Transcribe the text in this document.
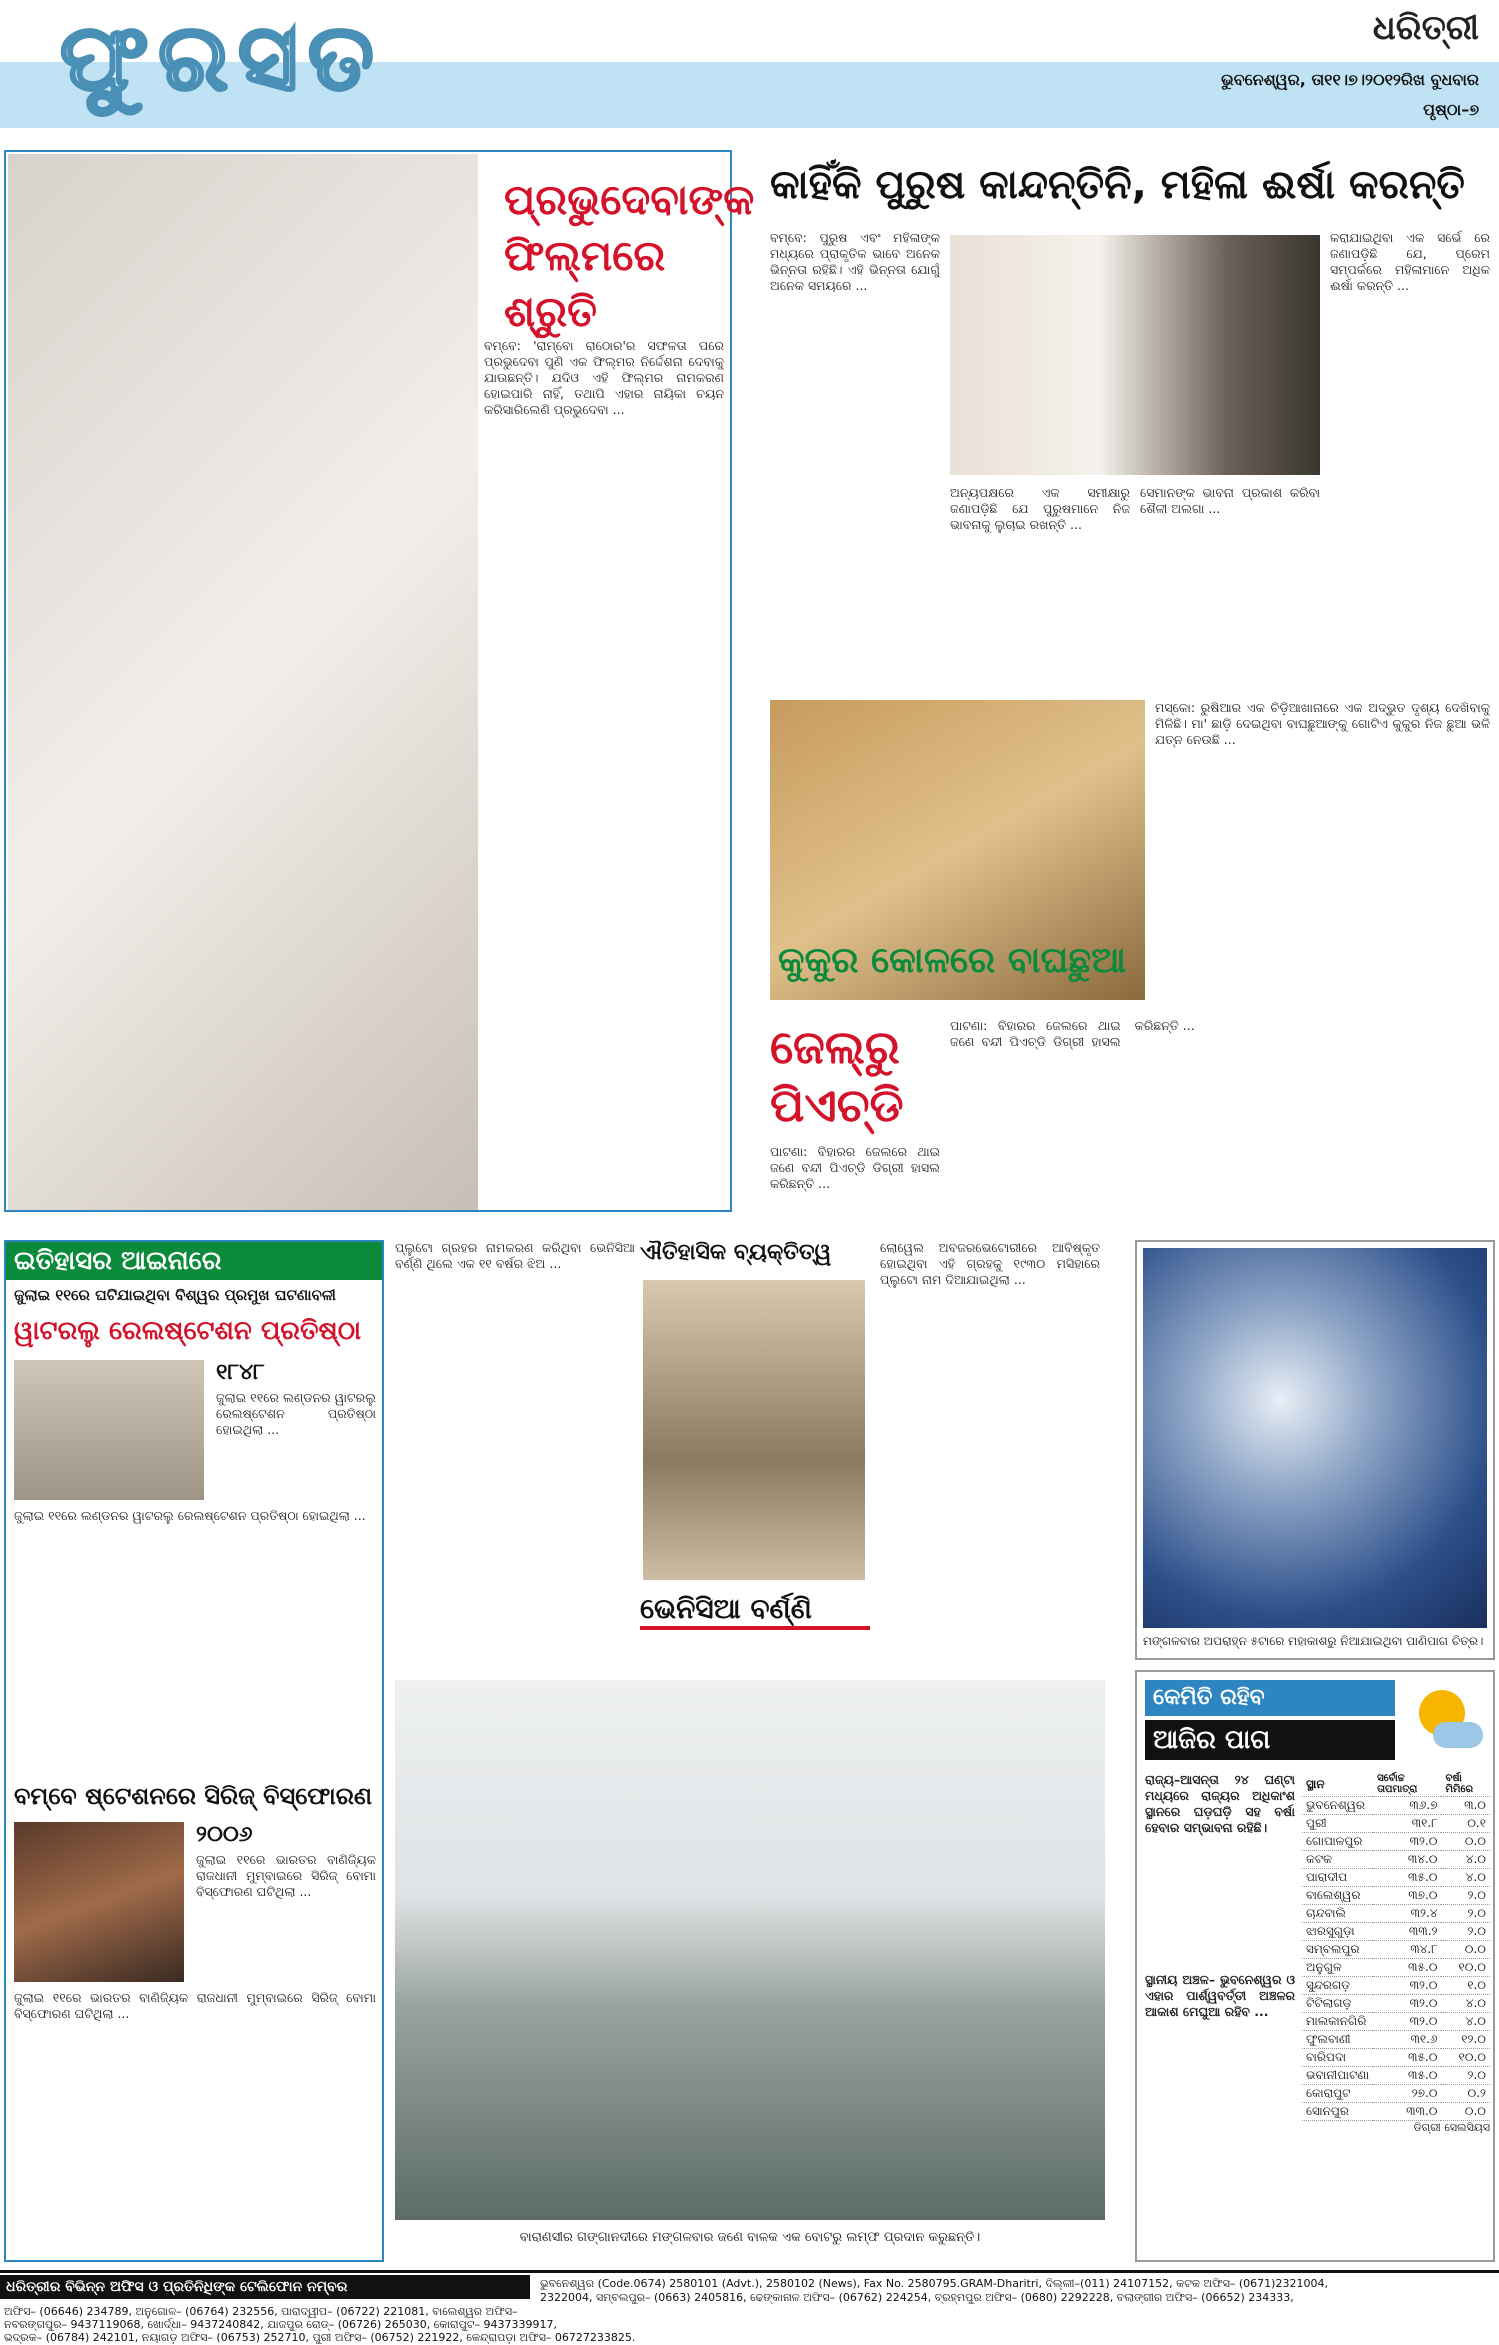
ଫୁରସତ	ଧରିତ୍ରୀ
ଭୁବନେଶ୍ୱର, ତା୧୧।୭।୨୦୧୨ରିଖ ବୁଧବାର
ପୃଷ୍ଠା–୭
ପ୍ରଭୁଦେବାଙ୍କ
ଫିଲ୍ମରେ ଶ୍ରୁତି
ବମ୍ବେ: 'ରାମ୍ବୋ ରାଠୋର'ର ସଫଳତା ପରେ ପ୍ରଭୁଦେବା ପୁଣି ଏକ ଫିଲ୍ମର ନିର୍ଦ୍ଦେଶନା ଦେବାକୁ ଯାଉଛନ୍ତି। ଯଦିଓ ଏହି ଫିଲ୍ମର ନାମକରଣ ହୋଇପାରି ନାହିଁ, ତଥାପି ଏହାର ନାୟିକା ଚୟନ କରିସାରିଲେଣି ପ୍ରଭୁଦେବା ...
କାହିଁକି ପୁରୁଷ କାନ୍ଦନ୍ତିନି, ମହିଳା ଈର୍ଷା କରନ୍ତି
ବମ୍ବେ: ପୁରୁଷ ଏବଂ ମହିଳାଙ୍କ ମଧ୍ୟରେ ପ୍ରାକୃତିକ ଭାବେ ଅନେକ ଭିନ୍ନତା ରହିଛି। ଏହି ଭିନ୍ନତା ଯୋଗୁଁ ଅନେକ ସମୟରେ ...
ଅନ୍ୟପକ୍ଷରେ ଏକ ସମୀକ୍ଷାରୁ ଜଣାପଡ଼ିଛି ଯେ ପୁରୁଷମାନେ ନିଜ ଭାବନାକୁ ଲୁଚାଇ ରଖନ୍ତି ...
ସେମାନଙ୍କ ଭାବନା ପ୍ରକାଶ କରିବା ଶୈଳୀ ଅଲଗା ...
କରାଯାଇଥିବା ଏକ ସର୍ଭେ ରେ ଜଣାପଡ଼ିଛି ଯେ, ପ୍ରେମ ସମ୍ପର୍କରେ ମହିଳାମାନେ ଅଧିକ ଈର୍ଷା କରନ୍ତି ...
କୁକୁର କୋଳରେ ବାଘଛୁଆ
ମସ୍କୋ: ରୁଷିଆର ଏକ ଚିଡ଼ିଆଖାନାରେ ଏକ ଅଦ୍ଭୁତ ଦୃଶ୍ୟ ଦେଖିବାକୁ ମିଳିଛି। ମା' ଛାଡ଼ି ଦେଇଥିବା ବାଘଛୁଆଙ୍କୁ ଗୋଟିଏ କୁକୁର ନିଜ ଛୁଆ ଭଳି ଯତ୍ନ ନେଉଛି ...
ଜେଲ୍‌ରୁ
ପିଏଚ୍‌ଡି
ପାଟଣା: ବିହାରର ଜେଲରେ ଥାଇ ଜଣେ ବନ୍ଦୀ ପିଏଚ୍‌ଡି ଡିଗ୍ରୀ ହାସଲ କରିଛନ୍ତି ...
ପାଟଣା: ବିହାରର ଜେଲରେ ଥାଇ ଜଣେ ବନ୍ଦୀ ପିଏଚ୍‌ଡି ଡିଗ୍ରୀ ହାସଲ କରିଛନ୍ତି ...
ଇତିହାସର ଆଇନାରେ
ଜୁଲାଇ ୧୧ରେ ଘଟିଯାଇଥିବା ବିଶ୍ୱର ପ୍ରମୁଖ ଘଟଣାବଳୀ
ୱାଟରଲୁ ରେଲଷ୍ଟେଶନ ପ୍ରତିଷ୍ଠା
୧୮୪୮
ଜୁଲାଇ ୧୧ରେ ଲଣ୍ଡନର ୱାଟରଲୁ ରେଲଷ୍ଟେଶନ ପ୍ରତିଷ୍ଠା ହୋଇଥିଲା ...
ଜୁଲାଇ ୧୧ରେ ଲଣ୍ଡନର ୱାଟରଲୁ ରେଲଷ୍ଟେଶନ ପ୍ରତିଷ୍ଠା ହୋଇଥିଲା ...
ବମ୍ବେ ଷ୍ଟେଶନରେ ସିରିଜ୍ ବିସ୍ଫୋରଣ
୨୦୦୬
ଜୁଲାଇ ୧୧ରେ ଭାରତର ବାଣିଜ୍ୟିକ ରାଜଧାନୀ ମୁମ୍ବାଇରେ ସିରିଜ୍ ବୋମା ବିସ୍ଫୋରଣ ଘଟିଥିଲା ...
ଜୁଲାଇ ୧୧ରେ ଭାରତର ବାଣିଜ୍ୟିକ ରାଜଧାନୀ ମୁମ୍ବାଇରେ ସିରିଜ୍ ବୋମା ବିସ୍ଫୋରଣ ଘଟିଥିଲା ...
ପ୍ଲୁଟୋ ଗ୍ରହର ନାମକରଣ କରିଥିବା ଭେନିସିଆ ବର୍ଣ୍ଣି ଥିଲେ ଏକ ୧୧ ବର୍ଷର ଝିଅ ...	ଐତିହାସିକ ବ୍ୟକ୍ତିତ୍ୱ
ଭେନିସିଆ ବର୍ଣ୍ଣି
ଲୋୱେଲ ଅବଜରଭେଟୋରୀରେ ଆବିଷ୍କୃତ ହୋଇଥିବା ଏହି ଗ୍ରହକୁ ୧୯୩୦ ମସିହାରେ ପ୍ଲୁଟୋ ନାମ ଦିଆଯାଇଥିଲା ...
ମଙ୍ଗଳବାର ଅପରାହ୍ନ ୫ଟାରେ ମହାକାଶରୁ ନିଆଯାଇଥିବା ପାଣିପାଗ ଚିତ୍ର।
ବାରାଣସୀର ଗଙ୍ଗାନଦୀରେ ମଙ୍ଗଳବାର ଜଣେ ବାଳକ ଏକ ବୋଟରୁ ଲମ୍ଫ ପ୍ରଦାନ କରୁଛନ୍ତି।
କେମିତି ରହିବ
ଆଜିର ପାଗ
ରାଜ୍ୟ–ଆସନ୍ତା ୨୪ ଘଣ୍ଟା ମଧ୍ୟରେ ରାଜ୍ୟର ଅଧିକାଂଶ ସ୍ଥାନରେ ଘଡ଼ଘଡ଼ି ସହ ବର୍ଷା ହେବାର ସମ୍ଭାବନା ରହିଛି।
ସ୍ଥାନୀୟ ଅଞ୍ଚଳ– ଭୁବନେଶ୍ୱର ଓ ଏହାର ପାର୍ଶ୍ୱବର୍ତ୍ତୀ ଅଞ୍ଚଳର ଆକାଶ ମେଘୁଆ ରହିବ ...
ସ୍ଥାନ	ସର୍ବୋଚ୍ଚ ତାପମାତ୍ରା	ବର୍ଷା ମିମିରେ
ଭୁବନେଶ୍ୱର	୩୬.୭	୩.୦
ପୁରୀ	୩୧.୮	୦.୧
ଗୋପାଳପୁର	୩୨.୦	୦.୦
କଟକ	୩୪.୦	୪.୦
ପାରାଦୀପ	୩୫.୦	୪.୦
ବାଲେଶ୍ୱର	୩୭.୦	୨.୦
ଚାନ୍ଦବାଲି	୩୨.୪	୨.୦
ଝାରସୁଗୁଡ଼ା	୩୩.୨	୨.୦
ସମ୍ବଲପୁର	୩୪.୮	୦.୦
ଅନୁଗୁଳ	୩୫.୦	୧୦.୦
ସୁନ୍ଦରଗଡ଼	୩୨.୦	୧.୦
ଟିଟିଲାଗଡ଼	୩୨.୦	୪.୦
ମାଲକାନଗିରି	୩୨.୦	୪.୦
ଫୁଲବାଣୀ	୩୧.୬	୧୨.୦
ବାରିପଦା	୩୫.୦	୧୦.୦
ଭବାନୀପାଟଣା	୩୫.୦	୨.୦
କୋରାପୁଟ	୨୭.୦	୦.୨
ସୋନପୁର	୩୩.୦	୦.୦
ଡିଗ୍ରୀ ସେଲସିୟସ
ଧରିତ୍ରୀର ବିଭିନ୍ନ ଅଫିସ ଓ ପ୍ରତିନିଧିଙ୍କ ଟେଲିଫୋନ ନମ୍ବର	ଭୁବନେଶ୍ୱର (Code.0674) 2580101 (Advt.), 2580102 (News), Fax No. 2580795.GRAM-Dharitri, ଦିଲ୍ଲୀ–(011) 24107152, କଟକ ଅଫିସ– (0671)2321004,
2322004, ସମ୍ବଲପୁର– (0663) 2405816, ଢେଙ୍କାନାଳ ଅଫିସ– (06762) 224254, ବ୍ରହ୍ମପୁର ଅଫିସ– (0680) 2292228, ବଲାଙ୍ଗୀର ଅଫିସ– (06652) 234333,
ଅଫିସ– (06646) 234789, ଅନୁଗୋଳ– (06764) 232556, ପାରାଦ୍ୱୀପ– (06722) 221081, ବାଲେଶ୍ୱର ଅଫିସ–
ନବରଙ୍ଗପୁର– 9437119068, ଖୋର୍ଦ୍ଧା– 9437240842, ଯାଜପୁର ରୋଡ୍– (06726) 265030, କୋରାପୁଟ– 9437339917,
ଭଦ୍ରକ– (06784) 242101, ନୟାଗଡ଼ ଅଫିସ– (06753) 252710, ପୁରୀ ଅଫିସ– (06752) 221922, କେନ୍ଦ୍ରାପଡ଼ା ଅଫିସ– 06727233825.
